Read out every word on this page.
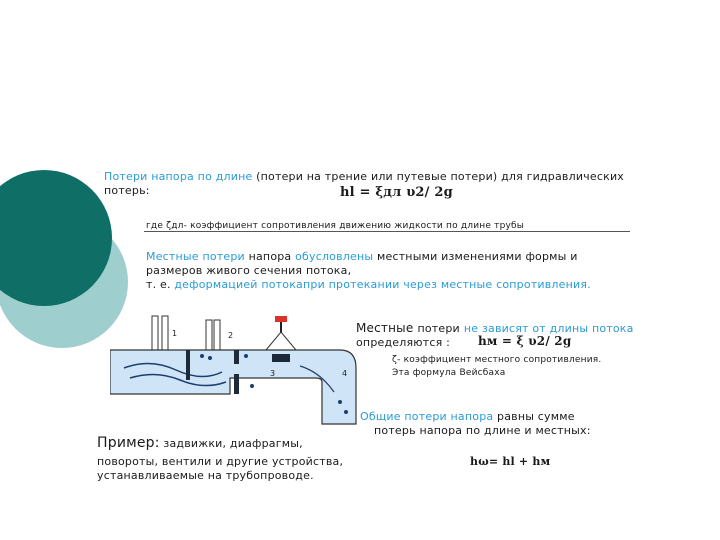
Потери напора по длине (потери на трение или путевые потери) для гидравлических
потерь:	hl = ξдл υ2/ 2g
где ζдл- коэффициент сопротивления движению жидкости по длине трубы
Местные потери напора обусловлены местными изменениями формы и
размеров живого сечения потока,
т. е. деформацией потокапри протекании через местные сопротивления.
1	2
3	4
Местные потери не зависят от длины потока
определяются : hм = ξ υ2/ 2g
ζ- коэффициент местного сопротивления.
Эта формула Вейсбаха
Общие потери напора равны сумме
потерь напора по длине и местных:
hω= hl + hм
Пример: задвижки, диафрагмы,
повороты, вентили и другие устройства,
устанавливаемые на трубопроводе.
